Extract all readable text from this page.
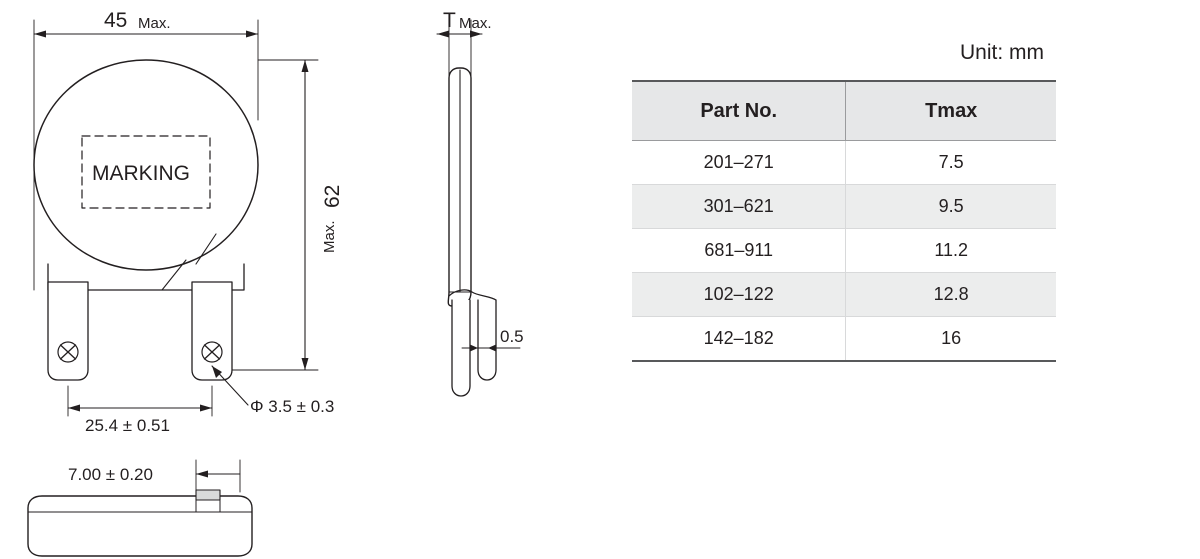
45 Max.
62
Max.
MARKING
Φ 3.5 ± 0.3
25.4 ± 0.51
7.00 ± 0.20
T Max.
0.5
Unit: mm
Part No.	Tmax
201–271	7.5
301–621	9.5
681–911	11.2
102–122	12.8
142–182	16
